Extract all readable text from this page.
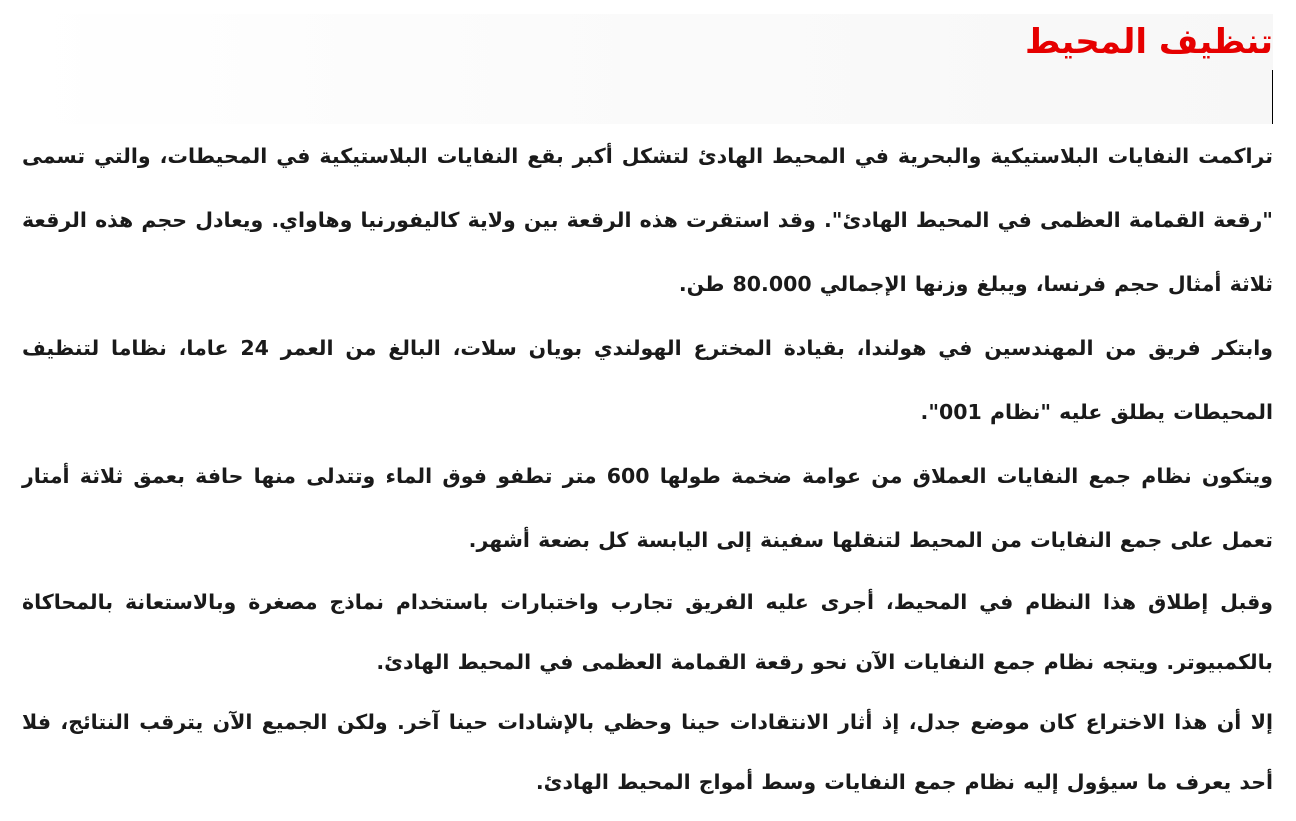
تنظيف المحيط

تراكمت النفايات البلاستيكية والبحرية في المحيط الهادئ لتشكل أكبر بقع النفايات البلاستيكية في المحيطات، والتي تسمى "رقعة القمامة العظمى في المحيط الهادئ". وقد استقرت هذه الرقعة بين ولاية كاليفورنيا وهاواي. ويعادل حجم هذه الرقعة ثلاثة أمثال حجم فرنسا، ويبلغ وزنها الإجمالي 80.000 طن.

وابتكر فريق من المهندسين في هولندا، بقيادة المخترع الهولندي بويان سلات، البالغ من العمر 24 عاما، نظاما لتنظيف المحيطات يطلق عليه "نظام 001".

ويتكون نظام جمع النفايات العملاق من عوامة ضخمة طولها 600 متر تطفو فوق الماء وتتدلى منها حافة بعمق ثلاثة أمتار تعمل على جمع النفايات من المحيط لتنقلها سفينة إلى اليابسة كل بضعة أشهر.

وقبل إطلاق هذا النظام في المحيط، أجرى عليه الفريق تجارب واختبارات باستخدام نماذج مصغرة وبالاستعانة بالمحاكاة بالكمبيوتر. ويتجه نظام جمع النفايات الآن نحو رقعة القمامة العظمى في المحيط الهادئ.

إلا أن هذا الاختراع كان موضع جدل، إذ أثار الانتقادات حينا وحظي بالإشادات حينا آخر. ولكن الجميع الآن يترقب النتائج، فلا أحد يعرف ما سيؤول إليه نظام جمع النفايات وسط أمواج المحيط الهادئ.
